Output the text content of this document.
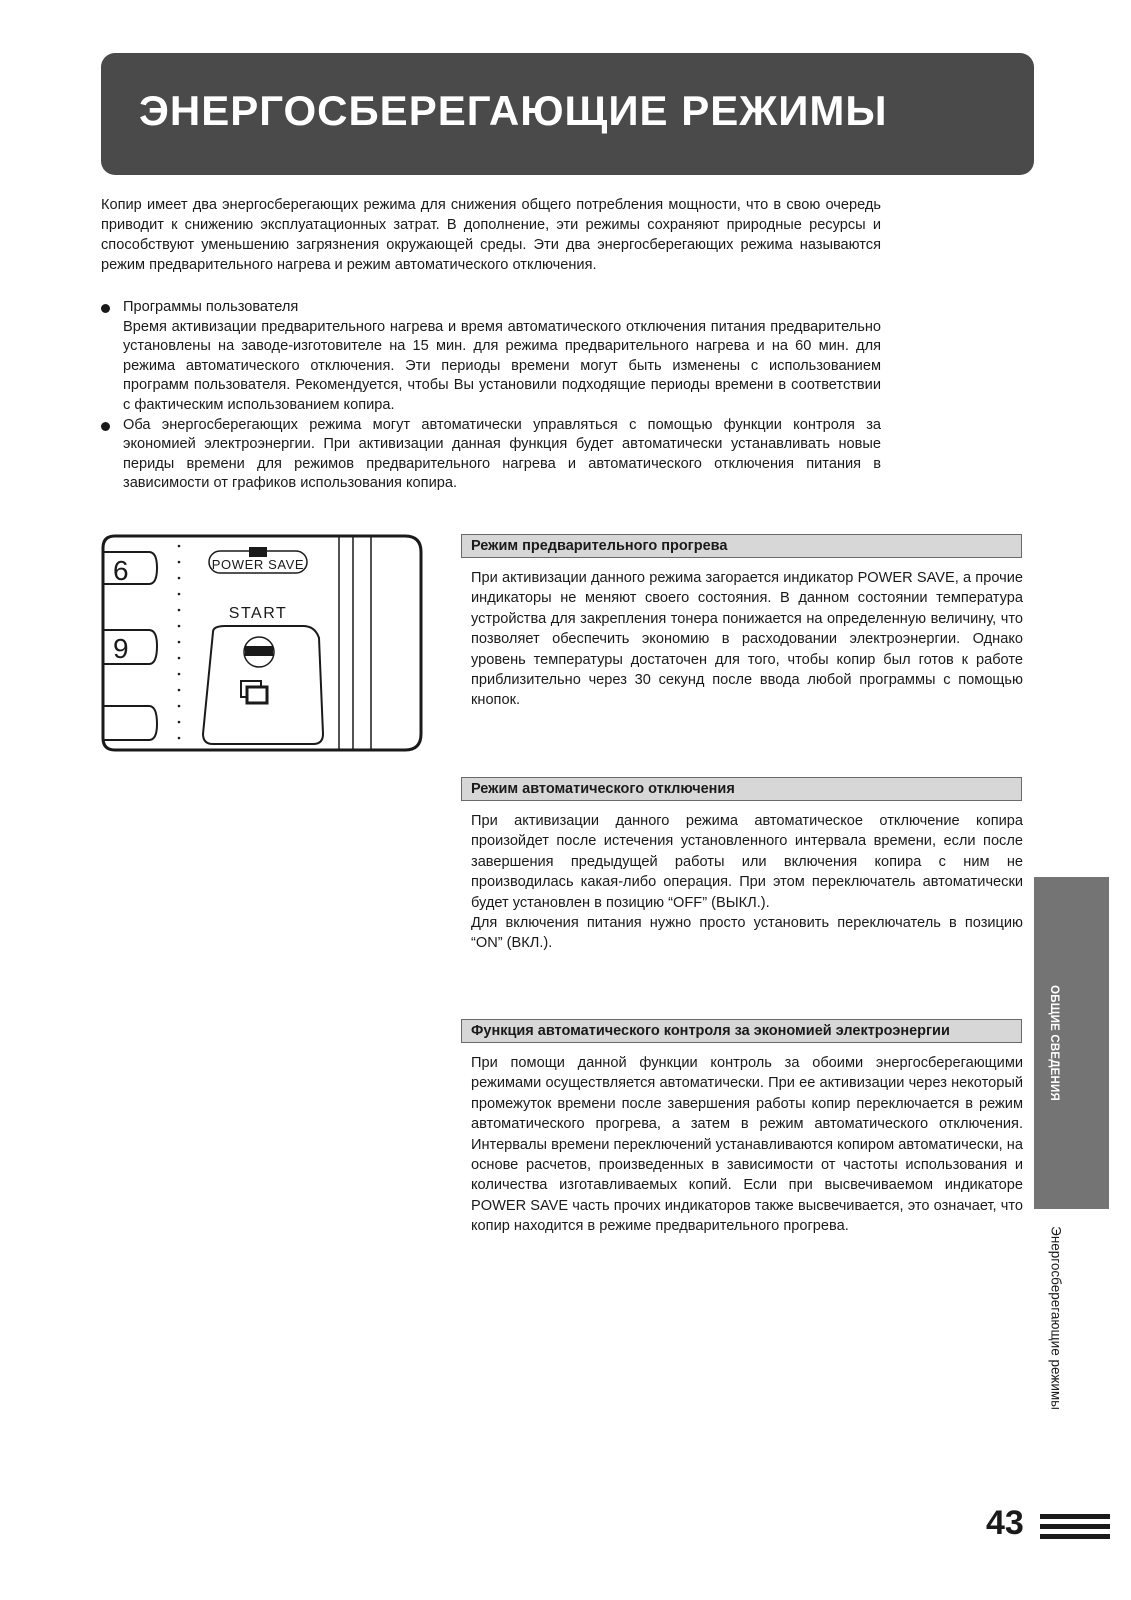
ЭНЕРГОСБЕРЕГАЮЩИЕ РЕЖИМЫ

Копир имеет два энергосберегающих режима для снижения общего потребления мощности, что в свою очередь приводит к снижению эксплуатационных затрат. В дополнение, эти режимы сохраняют природные ресурсы и способствуют уменьшению загрязнения окружающей среды. Эти два энергосберегающих режима называются режим предварительного нагрева и режим автоматического отключения.

Программы пользователя
Время активизации предварительного нагрева и время автоматического отключения питания предварительно установлены на заводе-изготовителе на 15 мин. для режима предварительного нагрева и на 60 мин. для режима автоматического отключения. Эти периоды времени могут быть изменены с использованием программ пользователя. Рекомендуется, чтобы Вы установили подходящие периоды времени в соответствии с фактическим использованием копира.
Оба энергосберегающих режима могут автоматически управляться с помощью функции контроля за экономией электроэнергии. При активизации данная функция будет автоматически устанавливать новые периды времени для режимов предварительного нагрева и автоматического отключения питания в зависимости от графиков использования копира.
6
9
POWER SAVE
START
Режим предварительного прогрева

При активизации данного режима загорается индикатор POWER SAVE, а прочие индикаторы не меняют своего состояния. В данном состоянии температура устройства для закрепления тонера понижается на определенную величину, что позволяет обеспечить экономию в расходовании электроэнергии. Однако уровень температуры достаточен для того, чтобы копир был готов к работе приблизительно через 30 секунд после ввода любой программы с помощью кнопок.

Режим автоматического отключения
При активизации данного режима автоматическое отключение копира произойдет после истечения установленного интервала времени, если после завершения предыдущей работы или включения копира с ним не производилась какая-либо операция. При этом переключатель автоматически будет установлен в позицию “OFF” (ВЫКЛ.).
Для включения питания нужно просто установить переключатель в позицию “ON” (ВКЛ.).
Функция автоматического контроля за экономией электроэнергии

При помощи данной функции контроль за обоими энергосберегающими режимами осуществляется автоматически. При ее активизации через некоторый промежуток времени после завершения работы копир переключается в режим автоматического прогрева, а затем в режим автоматического отключения. Интервалы времени переключений устанавливаются копиром автоматически, на основе расчетов, произведенных в зависимости от частоты использования и количества изготавливаемых копий. Если при высвечиваемом индикаторе POWER SAVE часть прочих индикаторов также высвечивается, это означает, что копир находится в режиме предварительного прогрева.

ОБЩИЕ СВЕДЕНИЯ
Энергосберегающие режимы
43
